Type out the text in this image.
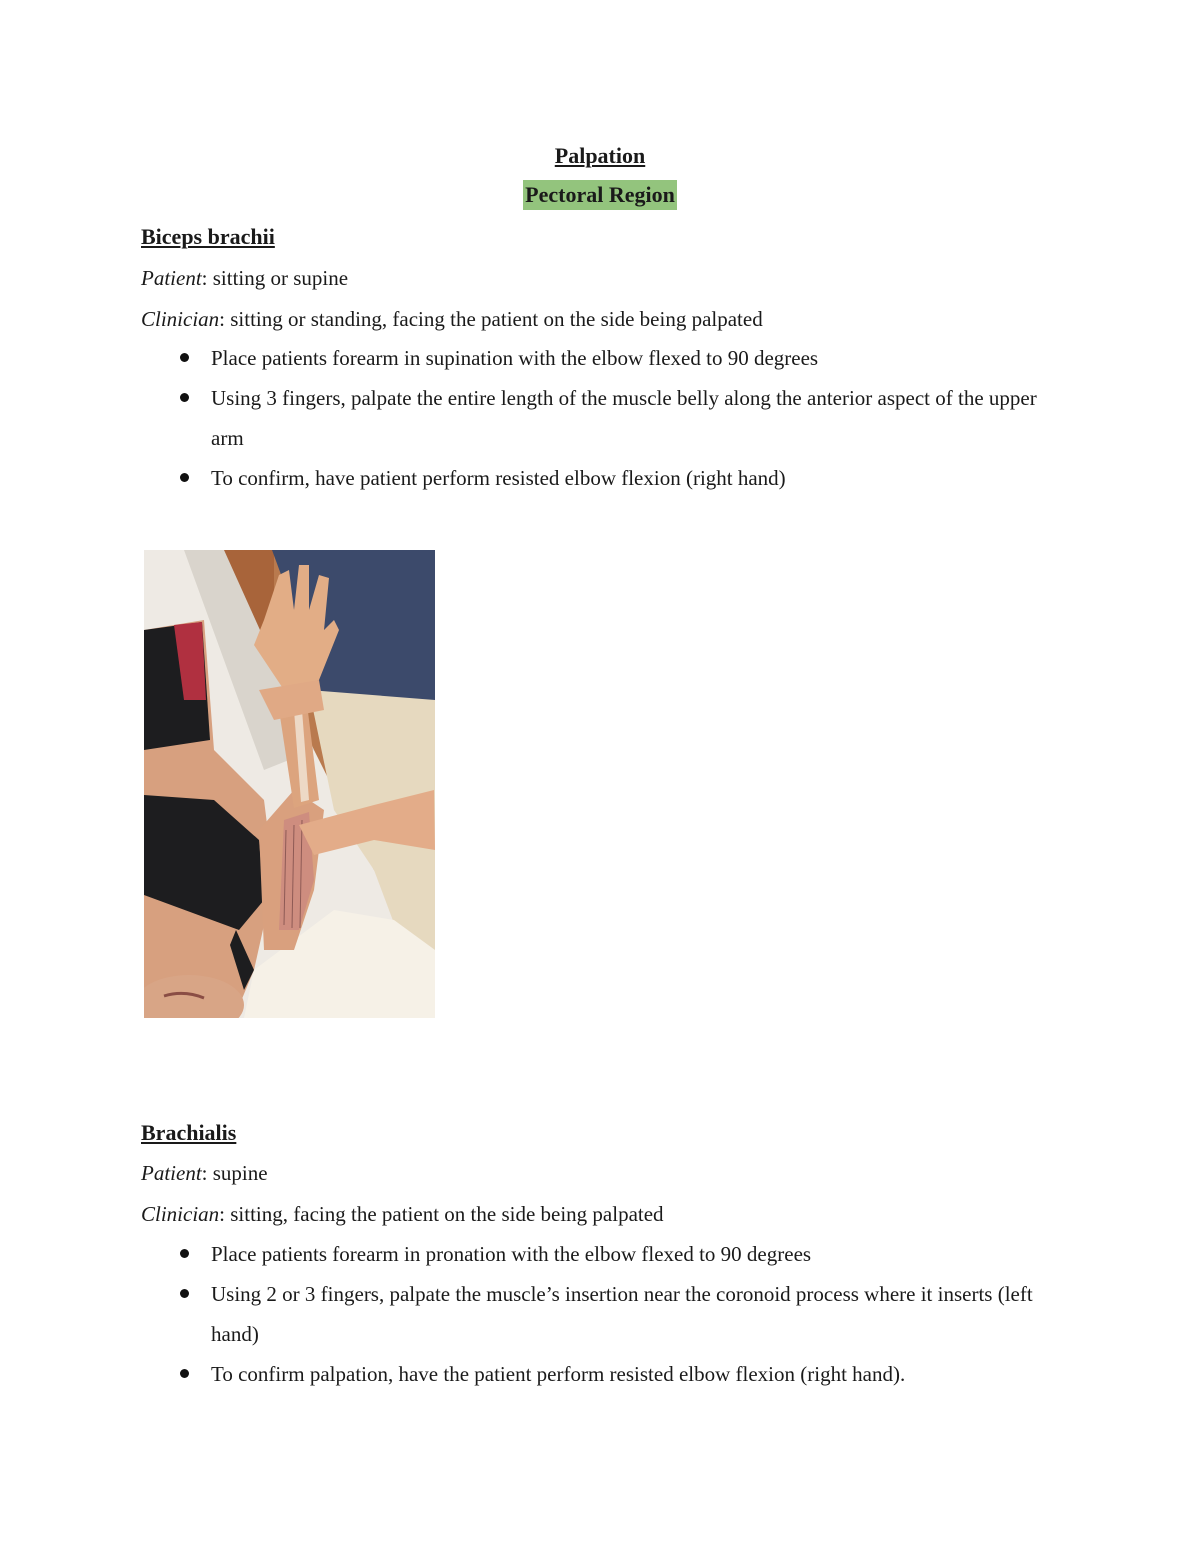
Palpation
Pectoral Region
Biceps brachii
Patient: sitting or supine
Clinician: sitting or standing, facing the patient on the side being palpated
Place patients forearm in supination with the elbow flexed to 90 degrees
Using 3 fingers, palpate the entire length of the muscle belly along the anterior aspect of the upper arm
To confirm, have patient perform resisted elbow flexion (right hand)
Brachialis
Patient: supine
Clinician: sitting, facing the patient on the side being palpated
Place patients forearm in pronation with the elbow flexed to 90 degrees
Using 2 or 3 fingers, palpate the muscle’s insertion near the coronoid process where it inserts (left hand)
To confirm palpation, have the patient perform resisted elbow flexion (right hand).
